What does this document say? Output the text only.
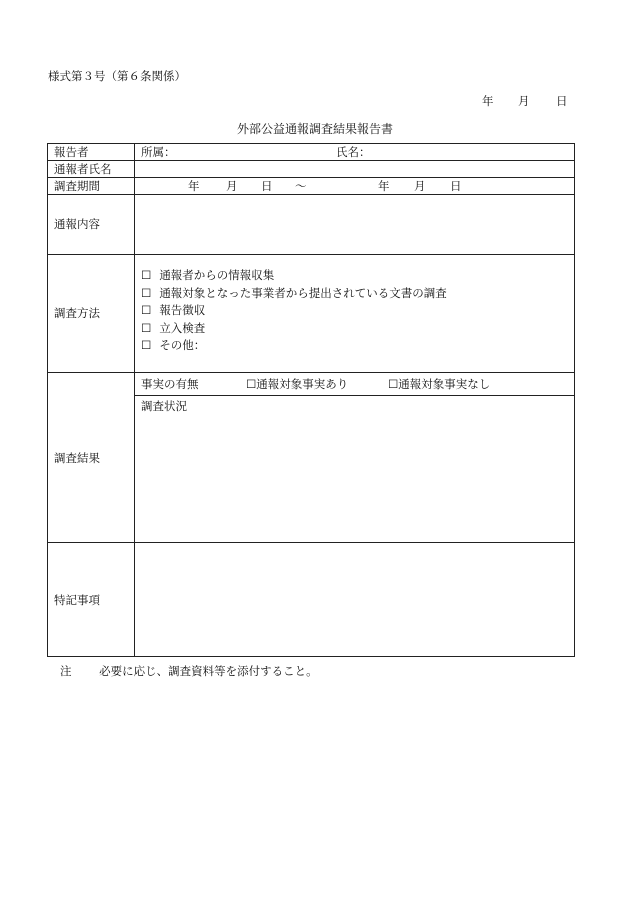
様式第３号（第６条関係）
年 月 日
外部公益通報調査結果報告書
報告者	所属：	氏名：
通報者氏名
調査期間	年 月 日 〜	年 月 日
通報内容
調査方法
☐ 通報者からの情報収集
☐ 通報対象となった事業者から提出されている文書の調査
☐ 報告徴収
☐ 立入検査
☐ その他：
調査結果
事実の有無	☐通報対象事実あり	☐通報対象事実なし
調査状況
特記事項
注 必要に応じ、調査資料等を添付すること。
